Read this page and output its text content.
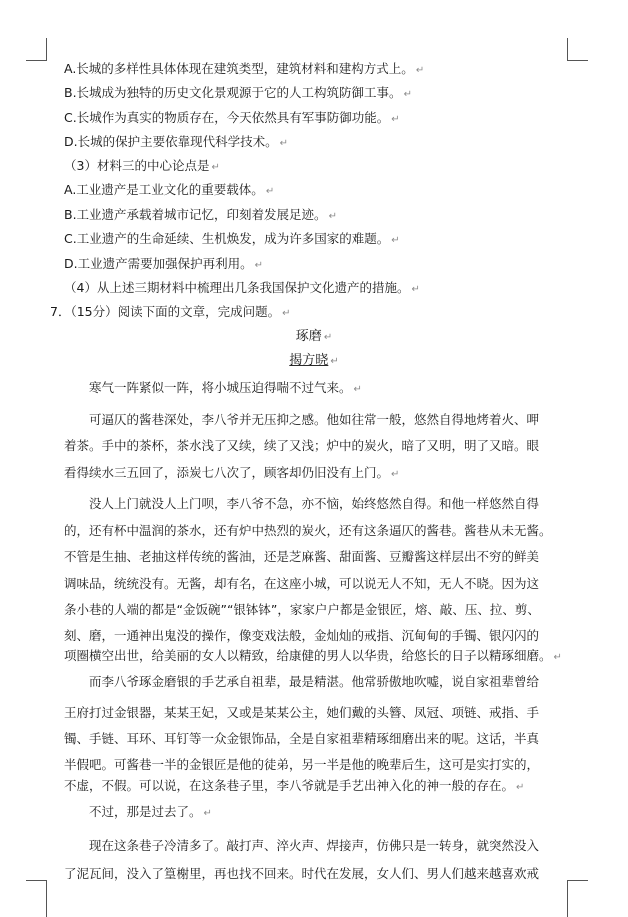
A.长城的多样性具体体现在建筑类型，建筑材料和建构方式上。 ↵
B.长城成为独特的历史文化景观源于它的人工构筑防御工事。 ↵
C.长城作为真实的物质存在，今天依然具有军事防御功能。 ↵
D.长城的保护主要依靠现代科学技术。 ↵
（3）材料三的中心论点是 ↵
A.工业遗产是工业文化的重要载体。 ↵
B.工业遗产承载着城市记忆，印刻着发展足迹。 ↵
C.工业遗产的生命延续、生机焕发，成为许多国家的难题。 ↵
D.工业遗产需要加强保护再利用。 ↵
（4）从上述三期材料中梳理出几条我国保护文化遗产的措施。 ↵
7．（15分）阅读下面的文章，完成问题。 ↵
琢磨 ↵
揭方晓 ↵
寒气一阵紧似一阵，将小城压迫得喘不过气来。 ↵
可逼仄的酱巷深处，李八爷并无压抑之感。他如往常一般，悠然自得地烤着火、呷
着茶。手中的茶杯，茶水浅了又续，续了又浅；炉中的炭火，暗了又明，明了又暗。眼
看得续水三五回了，添炭七八次了，顾客却仍旧没有上门。 ↵
没人上门就没人上门呗，李八爷不急，亦不恼，始终悠然自得。和他一样悠然自得
的，还有杯中温润的茶水，还有炉中热烈的炭火，还有这条逼仄的酱巷。酱巷从未无酱。
不管是生抽、老抽这样传统的酱油，还是芝麻酱、甜面酱、豆瓣酱这样层出不穷的鲜美
调味品，统统没有。无酱，却有名，在这座小城，可以说无人不知，无人不晓。因为这
条小巷的人端的都是“金饭碗”“银钵钵”，家家户户都是金银匠，熔、敲、压、拉、剪、
刻、磨，一通神出鬼没的操作，像变戏法般，金灿灿的戒指、沉甸甸的手镯、银闪闪的
项圈横空出世，给美丽的女人以精致，给康健的男人以华贵，给悠长的日子以精琢细磨。 ↵
而李八爷琢金磨银的手艺承自祖辈，最是精湛。他常骄傲地吹嘘，说自家祖辈曾给
王府打过金银器，某某王妃，又或是某某公主，她们戴的头簪、凤冠、项链、戒指、手
镯、手链、耳环、耳钉等一众金银饰品，全是自家祖辈精琢细磨出来的呢。这话，半真
半假吧。可酱巷一半的金银匠是他的徒弟，另一半是他的晚辈后生，这可是实打实的，
不虚，不假。可以说，在这条巷子里，李八爷就是手艺出神入化的神一般的存在。 ↵
不过，那是过去了。 ↵
现在这条巷子冷清多了。敲打声、淬火声、焊接声，仿佛只是一转身，就突然没入
了泥瓦间，没入了篁榭里，再也找不回来。时代在发展，女人们、男人们越来越喜欢戒
